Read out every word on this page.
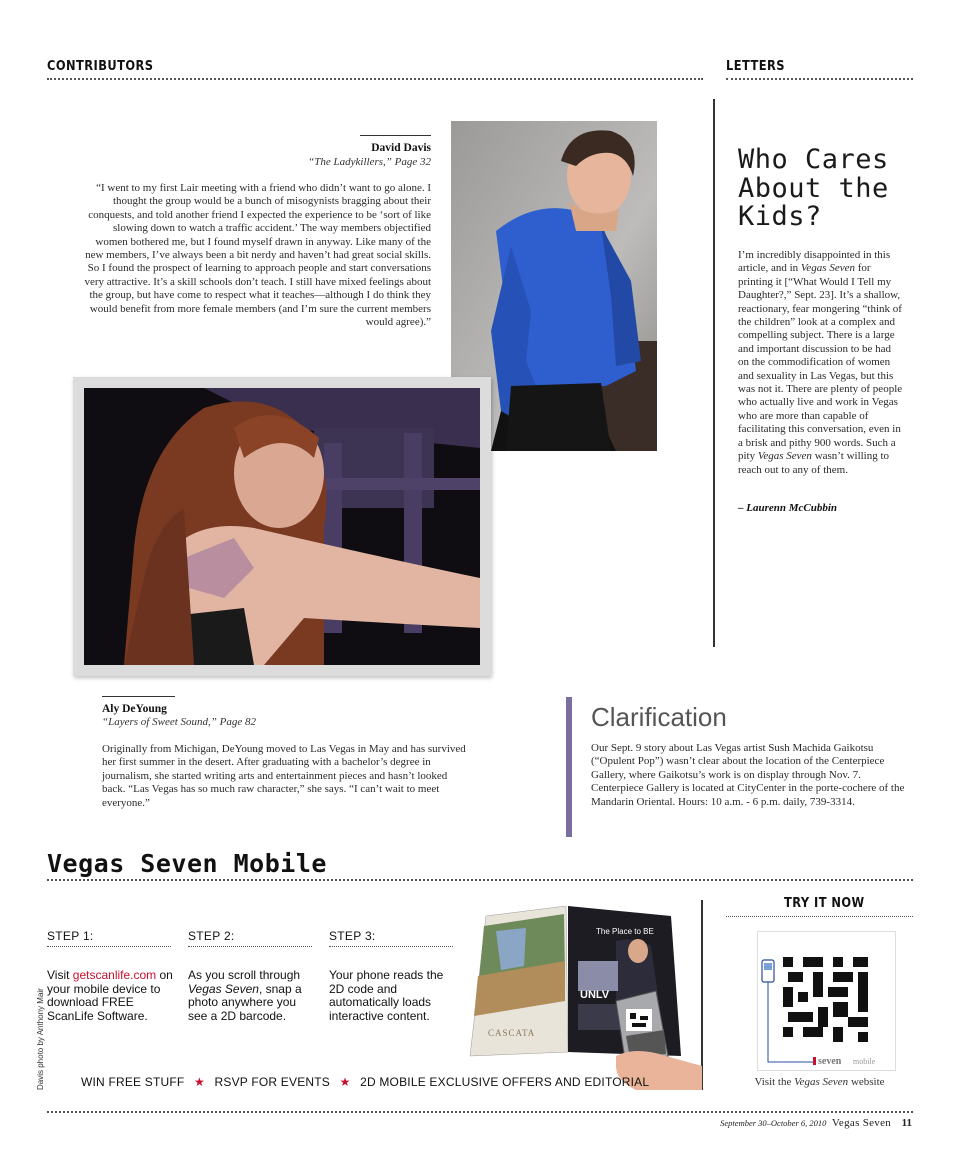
CONTRIBUTORS	LETTERS
David Davis
“The Ladykillers,” Page 32
“I went to my first Lair meeting with a friend who didn’t want to go alone. I thought the group would be a bunch of misogynists bragging about their conquests, and told another friend I expected the experience to be ‘sort of like slowing down to watch a traffic accident.’ The way members objectified women bothered me, but I found myself drawn in anyway. Like many of the new members, I’ve always been a bit nerdy and haven’t had great social skills. So I found the prospect of learning to approach people and start conversations very attractive. It’s a skill schools don’t teach. I still have mixed feelings about the group, but have come to respect what it teaches—although I do think they would benefit from more female members (and I’m sure the current members would agree).”
Who Cares
About the
Kids?
I’m incredibly disappointed in this article, and in Vegas Seven for printing it [“What Would I Tell my Daughter?,” Sept. 23]. It’s a shallow, reactionary, fear mongering “think of the children” look at a complex and compelling subject. There is a large and important discussion to be had on the commodification of women and sexuality in Las Vegas, but this was not it. There are plenty of people who actually live and work in Vegas who are more than capable of facilitating this conversation, even in a brisk and pithy 900 words. Such a pity Vegas Seven wasn’t willing to reach out to any of them.
– Laurenn McCubbin
Aly DeYoung
“Layers of Sweet Sound,” Page 82
Originally from Michigan, DeYoung moved to Las Vegas in May and has survived her first summer in the desert. After graduating with a bachelor’s degree in journalism, she started writing arts and entertainment pieces and hasn’t looked back. “Las Vegas has so much raw character,” she says. “I can’t wait to meet everyone.”
Clarification
Our Sept. 9 story about Las Vegas artist Sush Machida Gaikotsu (“Opulent Pop”) wasn’t clear about the location of the Centerpiece Gallery, where Gaikotsu’s work is on display through Nov. 7. Centerpiece Gallery is located at CityCenter in the porte-cochere of the Mandarin Oriental. Hours: 10 a.m. - 6 p.m. daily, 739-3314.
Vegas Seven Mobile
STEP 1:
Visit getscanlife.com on your mobile device to download FREE ScanLife Software.
STEP 2:
As you scroll through Vegas Seven, snap a photo anywhere you see a 2D barcode.
STEP 3:
Your phone reads the 2D code and automatically loads interactive content.
CASCATA
The Place to BE
UNLV
TRY IT NOW
seven mobile
Visit the Vegas Seven website
WIN FREE STUFF ★ RSVP FOR EVENTS ★ 2D MOBILE EXCLUSIVE OFFERS AND EDITORIAL
Davis photo by Anthony Mair
September 30–October 6, 2010 Vegas Seven 11
